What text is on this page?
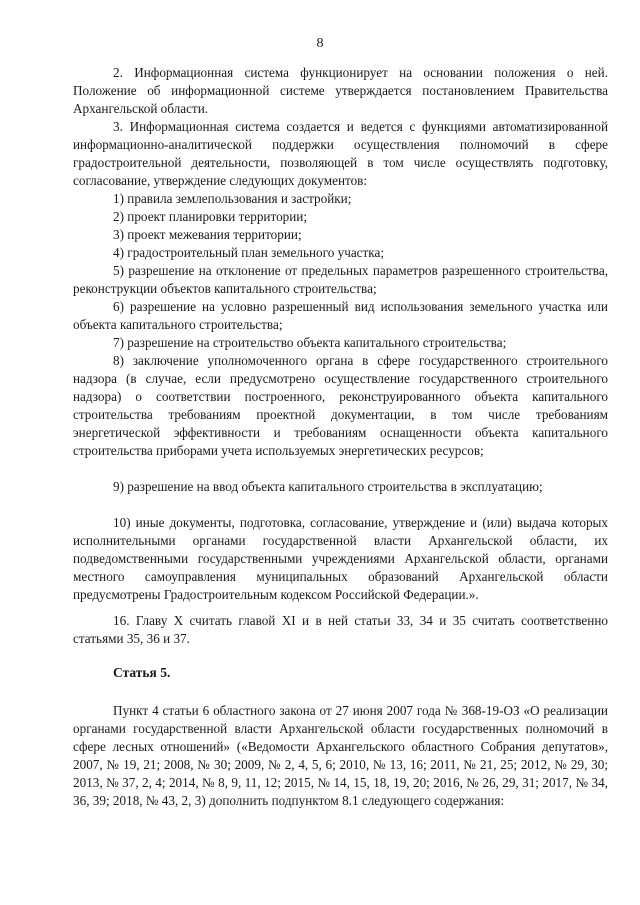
8

2. Информационная система функционирует на основании положения о ней. Положение об информационной системе утверждается постановлением Правительства Архангельской области.

3. Информационная система создается и ведется с функциями автоматизированной информационно-аналитической поддержки осуществления полномочий в сфере градостроительной деятельности, позволяющей в том числе осуществлять подготовку, согласование, утверждение следующих документов:

1) правила землепользования и застройки;

2) проект планировки территории;

3) проект межевания территории;

4) градостроительный план земельного участка;

5) разрешение на отклонение от предельных параметров разрешенного строительства, реконструкции объектов капитального строительства;

6) разрешение на условно разрешенный вид использования земельного участка или объекта капитального строительства;

7) разрешение на строительство объекта капитального строительства;

8) заключение уполномоченного органа в сфере государственного строительного надзора (в случае, если предусмотрено осуществление государственного строительного надзора) о соответствии построенного, реконструированного объекта капитального строительства требованиям проектной документации, в том числе требованиям энергетической эффективности и требованиям оснащенности объекта капитального строительства приборами учета используемых энергетических ресурсов;

9) разрешение на ввод объекта капитального строительства в эксплуатацию;

10) иные документы, подготовка, согласование, утверждение и (или) выдача которых исполнительными органами государственной власти Архангельской области, их подведомственными государственными учреждениями Архангельской области, органами местного самоуправления муниципальных образований Архангельской области предусмотрены Градостроительным кодексом Российской Федерации.».

16. Главу X считать главой XI и в ней статьи 33, 34 и 35 считать соответственно статьями 35, 36 и 37.

Статья 5.

Пункт 4 статьи 6 областного закона от 27 июня 2007 года № 368-19-ОЗ «О реализации органами государственной власти Архангельской области государственных полномочий в сфере лесных отношений» («Ведомости Архангельского областного Собрания депутатов», 2007, № 19, 21; 2008, № 30; 2009, № 2, 4, 5, 6; 2010, № 13, 16; 2011, № 21, 25; 2012, № 29, 30; 2013, № 37, 2, 4; 2014, № 8, 9, 11, 12; 2015, № 14, 15, 18, 19, 20; 2016, № 26, 29, 31; 2017, № 34, 36, 39; 2018, № 43, 2, 3) дополнить подпунктом 8.1 следующего содержания:
